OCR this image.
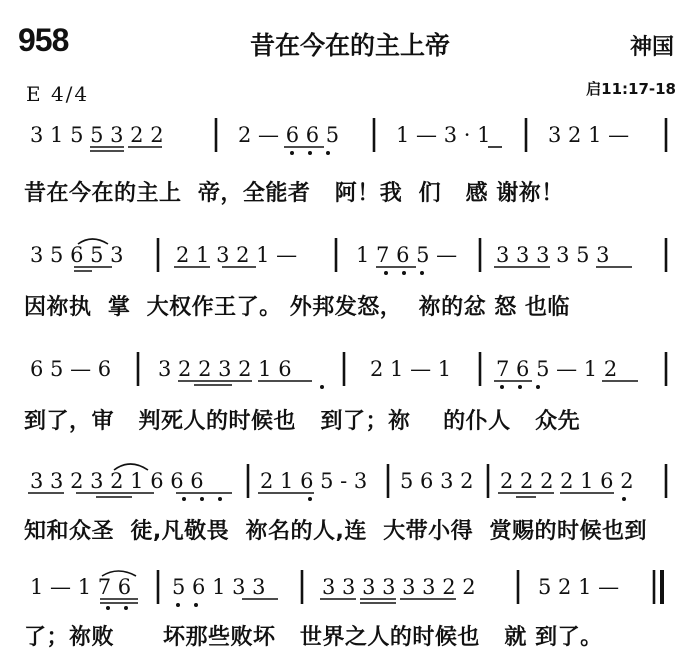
958	昔在今在的主上帝	神国
E 4/4	启11:17-18
3 1 5 5 3 2 2	2 — 6 6 5	1 — 3 · 1	3 2 1 —
昔在今在的主上  帝，全能者   阿！我  们   感 谢祢！
3 5 6 5 3 2 1 3 2 1 —	1 7 6 5 — 3 3 3 3 5 3
因祢执  掌  大权作王了。 外邦发怒，  祢的忿 怒 也临
6 5 — 6 3 2 2 3 2 1 6	2 1 — 1 7 6 5 — 1 2
到了，审   判死人的时候也   到了；祢    的仆人   众先
3 3 2 3 2 1 6 6 6	2 1 6 5 - 3 5 6 3 2 2 2 2 2 1 6 2
知和众圣  徒,凡敬畏  祢名的人,连  大带小得  赏赐的时候也到
1 — 1 7 6 5 6 1 3 3	3 3 3 3 3 3 2 2	5 2 1 —
了；祢败      坏那些败坏   世界之人的时候也   就 到了。
